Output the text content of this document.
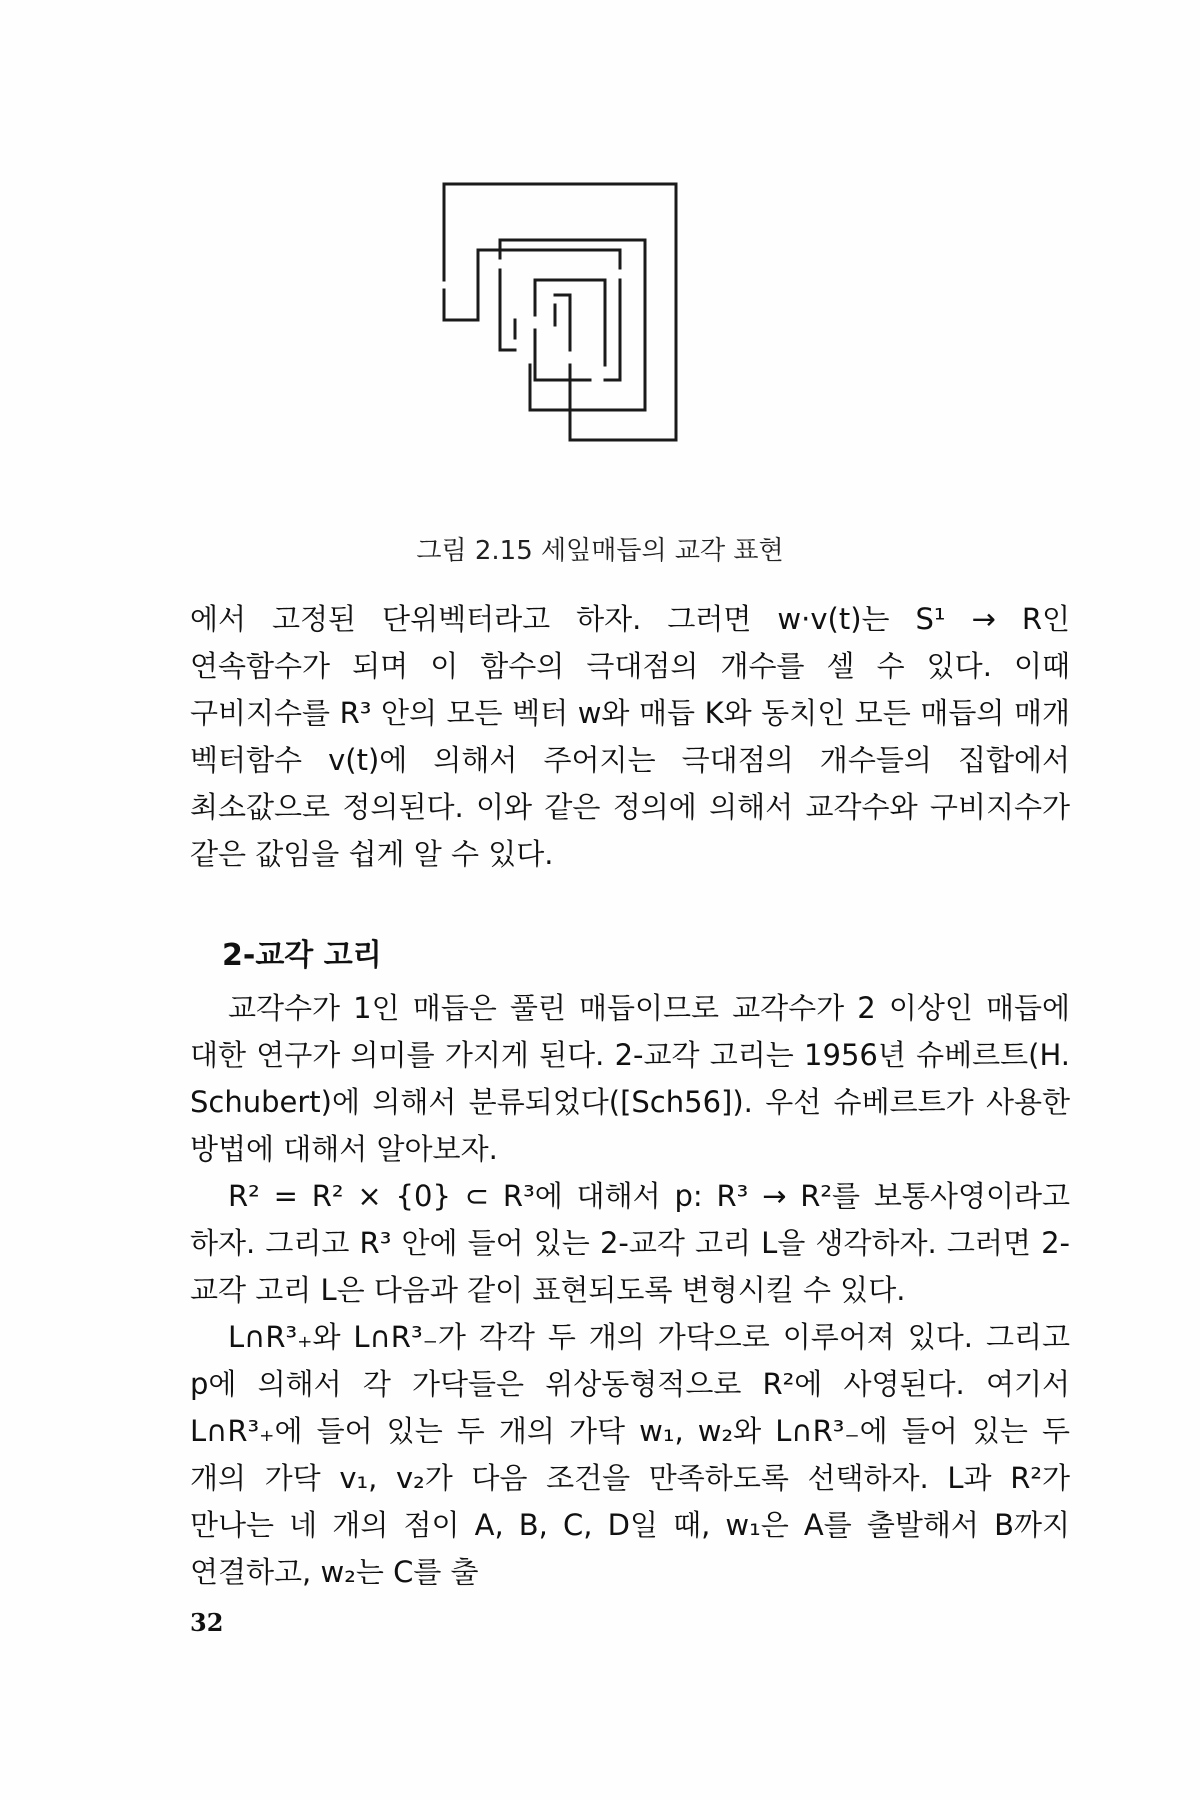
그림 2.15 세잎매듭의 교각 표현

에서 고정된 단위벡터라고 하자. 그러면 w·v(t)는 S¹ → R인 연속함수가 되며 이 함수의 극대점의 개수를 셀 수 있다. 이때 구비지수를 R³ 안의 모든 벡터 w와 매듭 K와 동치인 모든 매듭의 매개 벡터함수 v(t)에 의해서 주어지는 극대점의 개수들의 집합에서 최소값으로 정의된다. 이와 같은 정의에 의해서 교각수와 구비지수가 같은 값임을 쉽게 알 수 있다.

2-교각 고리

교각수가 1인 매듭은 풀린 매듭이므로 교각수가 2 이상인 매듭에 대한 연구가 의미를 가지게 된다. 2-교각 고리는 1956년 슈베르트(H. Schubert)에 의해서 분류되었다([Sch56]). 우선 슈베르트가 사용한 방법에 대해서 알아보자.

R² = R² × {0} ⊂ R³에 대해서 p: R³ → R²를 보통사영이라고 하자. 그리고 R³ 안에 들어 있는 2-교각 고리 L을 생각하자. 그러면 2-교각 고리 L은 다음과 같이 표현되도록 변형시킬 수 있다.

L∩R³₊와 L∩R³₋가 각각 두 개의 가닥으로 이루어져 있다. 그리고 p에 의해서 각 가닥들은 위상동형적으로 R²에 사영된다. 여기서 L∩R³₊에 들어 있는 두 개의 가닥 w₁, w₂와 L∩R³₋에 들어 있는 두 개의 가닥 v₁, v₂가 다음 조건을 만족하도록 선택하자. L과 R²가 만나는 네 개의 점이 A, B, C, D일 때, w₁은 A를 출발해서 B까지 연결하고, w₂는 C를 출

32
